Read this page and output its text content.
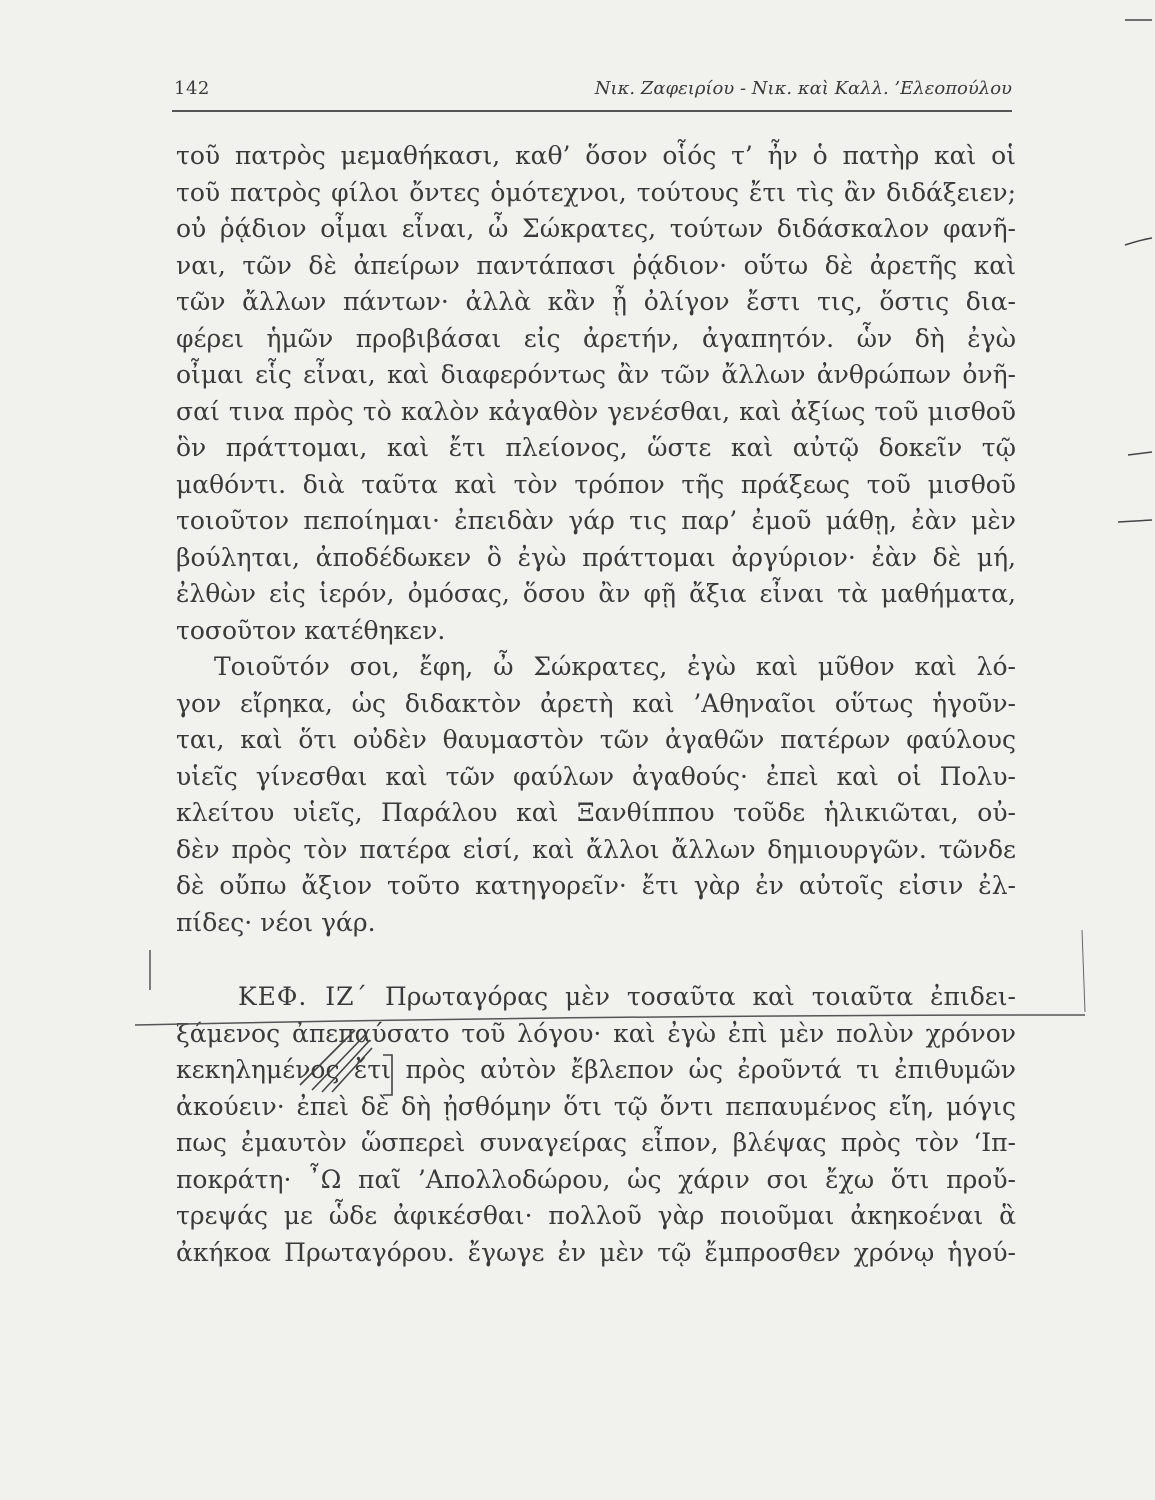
142	Νικ. Ζαφειρίου - Νικ. καὶ Καλλ. ’Ελεοπούλου
τοῦ πατρὸς μεμαθήκασι, καθ’ ὅσον οἷός τ’ ἦν ὁ πατὴρ καὶ οἱ
τοῦ πατρὸς φίλοι ὄντες ὁμότεχνοι, τούτους ἔτι τὶς ἂν διδάξειεν;
οὐ ῥᾴδιον οἶμαι εἶναι, ὦ Σώκρατες, τούτων διδάσκαλον φανῆ-
ναι, τῶν δὲ ἀπείρων παντάπασι ῥᾴδιον· οὕτω δὲ ἀρετῆς καὶ
τῶν ἄλλων πάντων· ἀλλὰ κἂν ᾖ ὀλίγον ἔστι τις, ὅστις δια-
φέρει ἡμῶν προβιβάσαι εἰς ἀρετήν, ἀγαπητόν. ὧν δὴ ἐγὼ
οἶμαι εἷς εἶναι, καὶ διαφερόντως ἂν τῶν ἄλλων ἀνθρώπων ὀνῆ-
σαί τινα πρὸς τὸ καλὸν κἀγαθὸν γενέσθαι, καὶ ἀξίως τοῦ μισθοῦ
ὃν πράττομαι, καὶ ἔτι πλείονος, ὥστε καὶ αὐτῷ δοκεῖν τῷ
μαθόντι. διὰ ταῦτα καὶ τὸν τρόπον τῆς πράξεως τοῦ μισθοῦ
τοιοῦτον πεποίημαι· ἐπειδὰν γάρ τις παρ’ ἐμοῦ μάθῃ, ἐὰν μὲν
βούληται, ἀποδέδωκεν ὃ ἐγὼ πράττομαι ἀργύριον· ἐὰν δὲ μή,
ἐλθὼν εἰς ἱερόν, ὀμόσας, ὅσου ἂν φῇ ἄξια εἶναι τὰ μαθήματα,
τοσοῦτον κατέθηκεν.
Τοιοῦτόν σοι, ἔφη, ὦ Σώκρατες, ἐγὼ καὶ μῦθον καὶ λό-
γον εἴρηκα, ὡς διδακτὸν ἀρετὴ καὶ ’Αθηναῖοι οὕτως ἡγοῦν-
ται, καὶ ὅτι οὐδὲν θαυμαστὸν τῶν ἀγαθῶν πατέρων φαύλους
υἱεῖς γίνεσθαι καὶ τῶν φαύλων ἀγαθούς· ἐπεὶ καὶ οἱ Πολυ-
κλείτου υἱεῖς, Παράλου καὶ Ξανθίππου τοῦδε ἡλικιῶται, οὐ-
δὲν πρὸς τὸν πατέρα εἰσί, καὶ ἄλλοι ἄλλων δημιουργῶν. τῶνδε
δὲ οὔπω ἄξιον τοῦτο κατηγορεῖν· ἔτι γὰρ ἐν αὐτοῖς εἰσιν ἐλ-
πίδες· νέοι γάρ.
ΚΕΦ. ΙΖ΄ Πρωταγόρας μὲν τοσαῦτα καὶ τοιαῦτα ἐπιδει-
ξάμενος ἀπεπαύσατο τοῦ λόγου· καὶ ἐγὼ ἐπὶ μὲν πολὺν χρόνον
κεκηλημένος ἔτι πρὸς αὐτὸν ἔβλεπον ὡς ἐροῦντά τι ἐπιθυμῶν
ἀκούειν· ἐπεὶ δὲ δὴ ᾐσθόμην ὅτι τῷ ὄντι πεπαυμένος εἴη, μόγις
πως ἐμαυτὸν ὥσπερεὶ συναγείρας εἶπον, βλέψας πρὸς τὸν ‘Ιπ-
ποκράτη· ῏Ω παῖ ’Απολλοδώρου, ὡς χάριν σοι ἔχω ὅτι προὔ-
τρεψάς με ὧδε ἀφικέσθαι· πολλοῦ γὰρ ποιοῦμαι ἀκηκοέναι ἃ
ἀκήκοα Πρωταγόρου. ἔγωγε ἐν μὲν τῷ ἔμπροσθεν χρόνῳ ἡγού-
